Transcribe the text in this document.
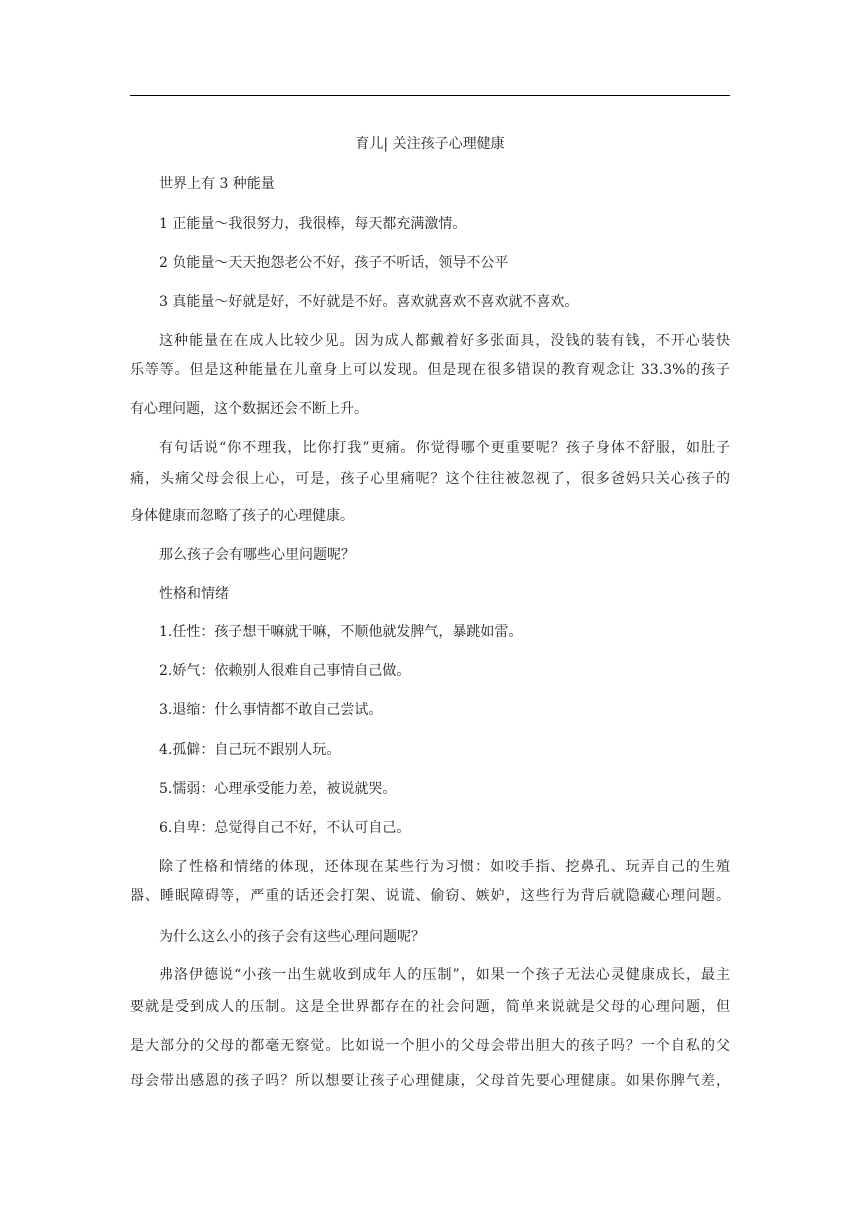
育儿| 关注孩子心理健康
世界上有 3 种能量
1 正能量～我很努力，我很棒，每天都充满激情。
2 负能量～天天抱怨老公不好，孩子不听话，领导不公平
3 真能量～好就是好，不好就是不好。喜欢就喜欢不喜欢就不喜欢。
这种能量在在成人比较少见。因为成人都戴着好多张面具，没钱的装有钱，不开心装快
乐等等。但是这种能量在儿童身上可以发现。但是现在很多错误的教育观念让 33.3%的孩子
有心理问题，这个数据还会不断上升。
有句话说“你不理我，比你打我”更痛。你觉得哪个更重要呢？孩子身体不舒服，如肚子
痛，头痛父母会很上心，可是，孩子心里痛呢？这个往往被忽视了，很多爸妈只关心孩子的
身体健康而忽略了孩子的心理健康。
那么孩子会有哪些心里问题呢？
性格和情绪
1.任性：孩子想干嘛就干嘛，不顺他就发脾气，暴跳如雷。
2.娇气：依赖别人很难自己事情自己做。
3.退缩：什么事情都不敢自己尝试。
4.孤僻：自己玩不跟别人玩。
5.懦弱：心理承受能力差，被说就哭。
6.自卑：总觉得自己不好，不认可自己。
除了性格和情绪的体现，还体现在某些行为习惯：如咬手指、挖鼻孔、玩弄自己的生殖
器、睡眠障碍等，严重的话还会打架、说谎、偷窃、嫉妒，这些行为背后就隐藏心理问题。
为什么这么小的孩子会有这些心理问题呢？
弗洛伊德说“小孩一出生就收到成年人的压制”，如果一个孩子无法心灵健康成长，最主
要就是受到成人的压制。这是全世界都存在的社会问题，简单来说就是父母的心理问题，但
是大部分的父母的都毫无察觉。比如说一个胆小的父母会带出胆大的孩子吗？一个自私的父
母会带出感恩的孩子吗？所以想要让孩子心理健康，父母首先要心理健康。如果你脾气差，
